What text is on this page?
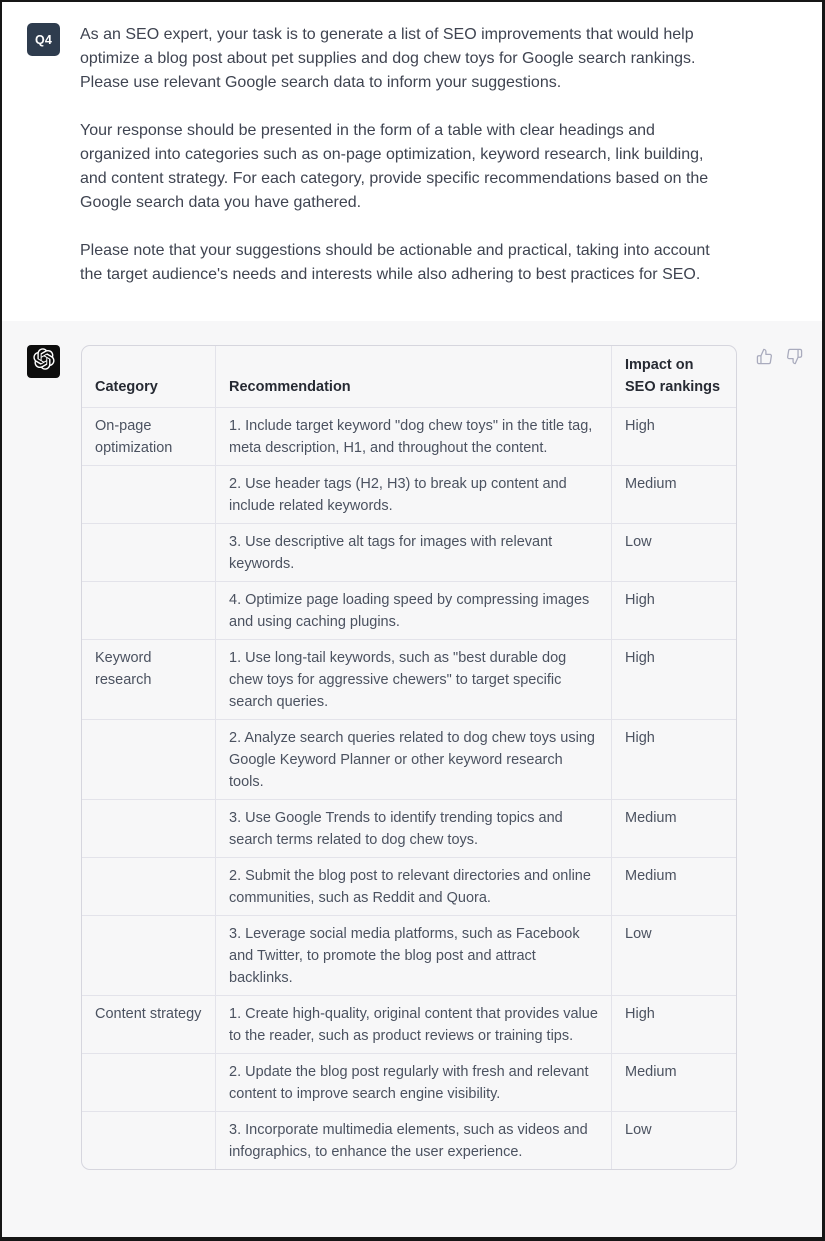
Q4	As an SEO expert, your task is to generate a list of SEO improvements that would help optimize a blog post about pet supplies and dog chew toys for Google search rankings. Please use relevant Google search data to inform your suggestions.

Your response should be presented in the form of a table with clear headings and organized into categories such as on-page optimization, keyword research, link building, and content strategy. For each category, provide specific recommendations based on the Google search data you have gathered.

Please note that your suggestions should be actionable and practical, taking into account the target audience's needs and interests while also adhering to best practices for SEO.

Category	Recommendation	Impact on SEO rankings
On-page optimization	1. Include target keyword "dog chew toys" in the title tag, meta description, H1, and throughout the content.	High
	2. Use header tags (H2, H3) to break up content and include related keywords.	Medium
	3. Use descriptive alt tags for images with relevant keywords.	Low
	4. Optimize page loading speed by compressing images and using caching plugins.	High
Keyword research	1. Use long-tail keywords, such as "best durable dog chew toys for aggressive chewers" to target specific search queries.	High
	2. Analyze search queries related to dog chew toys using Google Keyword Planner or other keyword research tools.	High
	3. Use Google Trends to identify trending topics and search terms related to dog chew toys.	Medium
	2. Submit the blog post to relevant directories and online communities, such as Reddit and Quora.	Medium
	3. Leverage social media platforms, such as Facebook and Twitter, to promote the blog post and attract backlinks.	Low
Content strategy	1. Create high-quality, original content that provides value to the reader, such as product reviews or training tips.	High
	2. Update the blog post regularly with fresh and relevant content to improve search engine visibility.	Medium
	3. Incorporate multimedia elements, such as videos and infographics, to enhance the user experience.	Low
